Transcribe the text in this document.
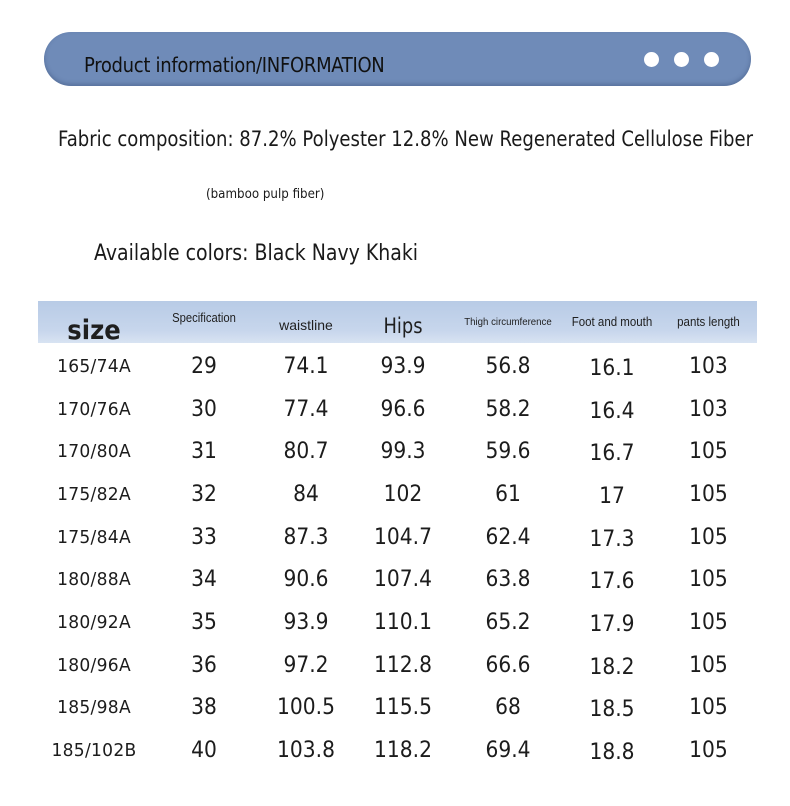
Product information/INFORMATION
Fabric composition: 87.2% Polyester 12.8% New Regenerated Cellulose Fiber
(bamboo pulp fiber)
Available colors: Black Navy Khaki
size	Specification	waistline	Hips	Thigh circumference	Foot and mouth	pants length
165/74A	29	74.1	93.9	56.8	16.1	103
170/76A	30	77.4	96.6	58.2	16.4	103
170/80A	31	80.7	99.3	59.6	16.7	105
175/82A	32	84	102	61	17	105
175/84A	33	87.3	104.7	62.4	17.3	105
180/88A	34	90.6	107.4	63.8	17.6	105
180/92A	35	93.9	110.1	65.2	17.9	105
180/96A	36	97.2	112.8	66.6	18.2	105
185/98A	38	100.5	115.5	68	18.5	105
185/102B	40	103.8	118.2	69.4	18.8	105
